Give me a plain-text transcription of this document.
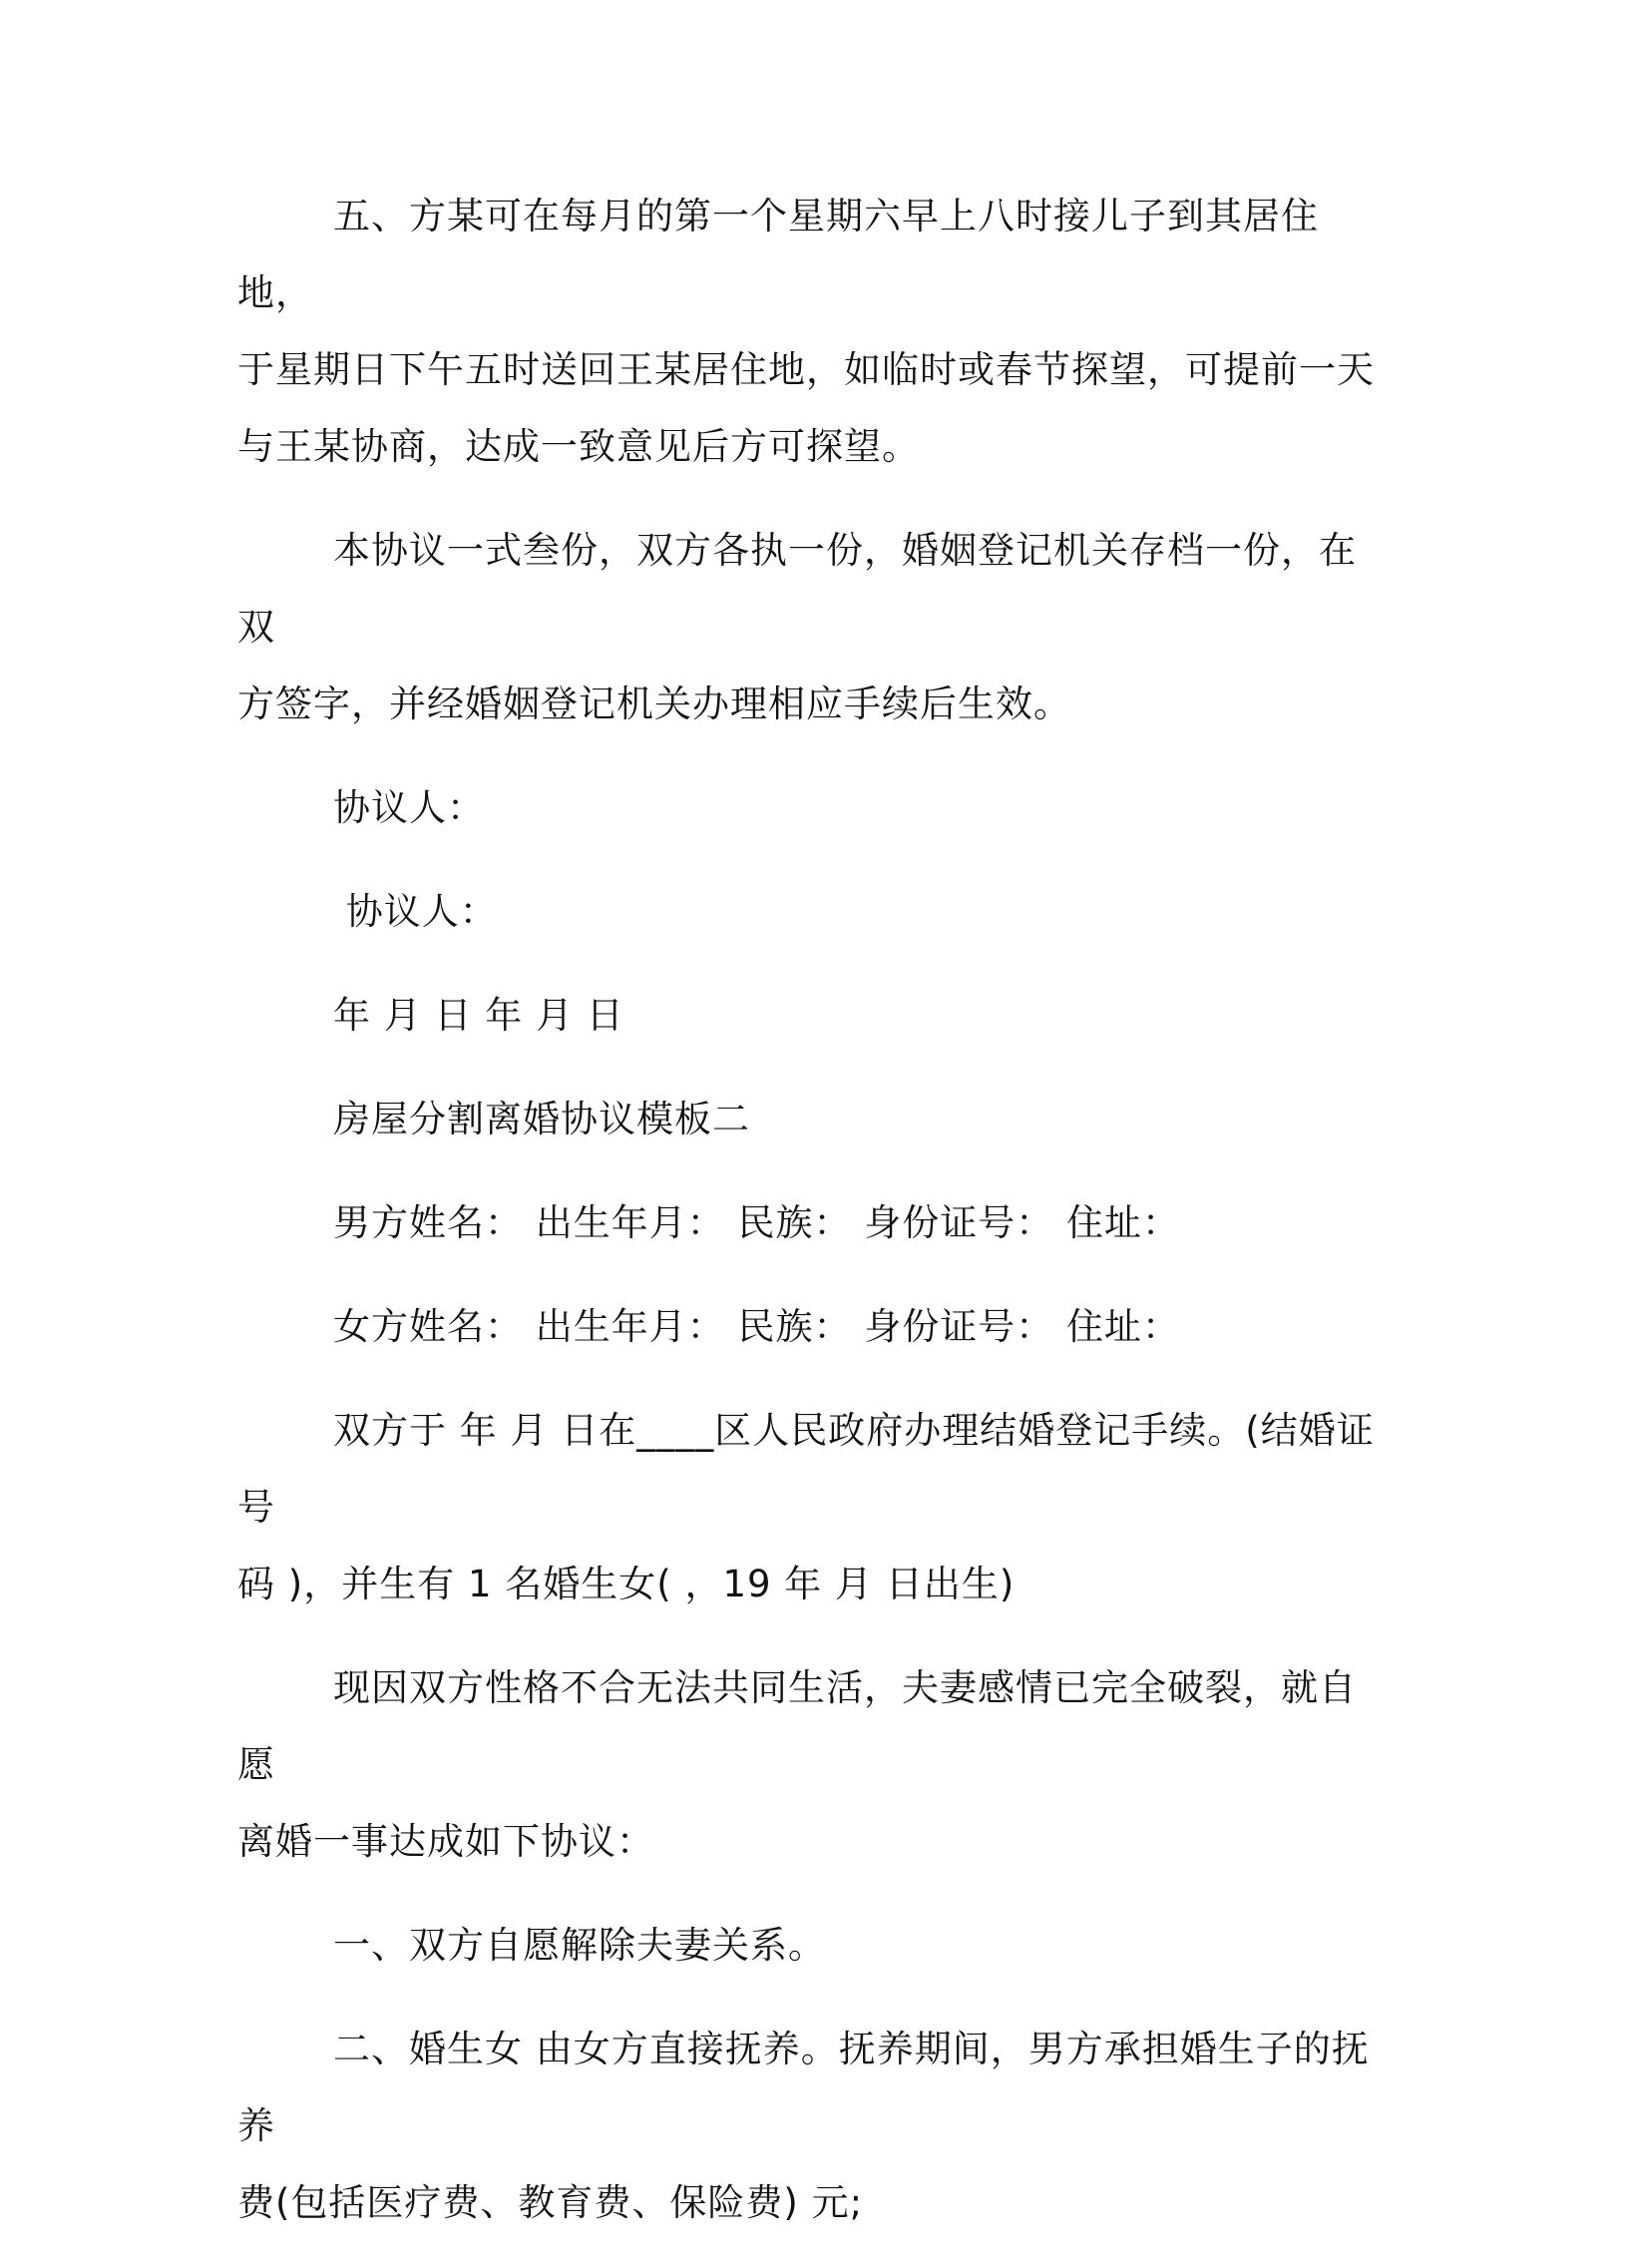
五、方某可在每月的第一个星期六早上八时接儿子到其居住地，
于星期日下午五时送回王某居住地，如临时或春节探望，可提前一天
与王某协商，达成一致意见后方可探望。

本协议一式叁份，双方各执一份，婚姻登记机关存档一份，在双
方签字，并经婚姻登记机关办理相应手续后生效。

协议人：

协议人：

年 月 日 年 月 日

房屋分割离婚协议模板二

男方姓名： 出生年月： 民族： 身份证号： 住址：

女方姓名： 出生年月： 民族： 身份证号： 住址：

双方于 年 月 日在____区人民政府办理结婚登记手续。(结婚证号
码 )，并生有 1 名婚生女( ，19 年 月 日出生)

现因双方性格不合无法共同生活，夫妻感情已完全破裂，就自愿
离婚一事达成如下协议：

一、双方自愿解除夫妻关系。

二、婚生女 由女方直接抚养。抚养期间，男方承担婚生子的抚养
费(包括医疗费、教育费、保险费) 元;
